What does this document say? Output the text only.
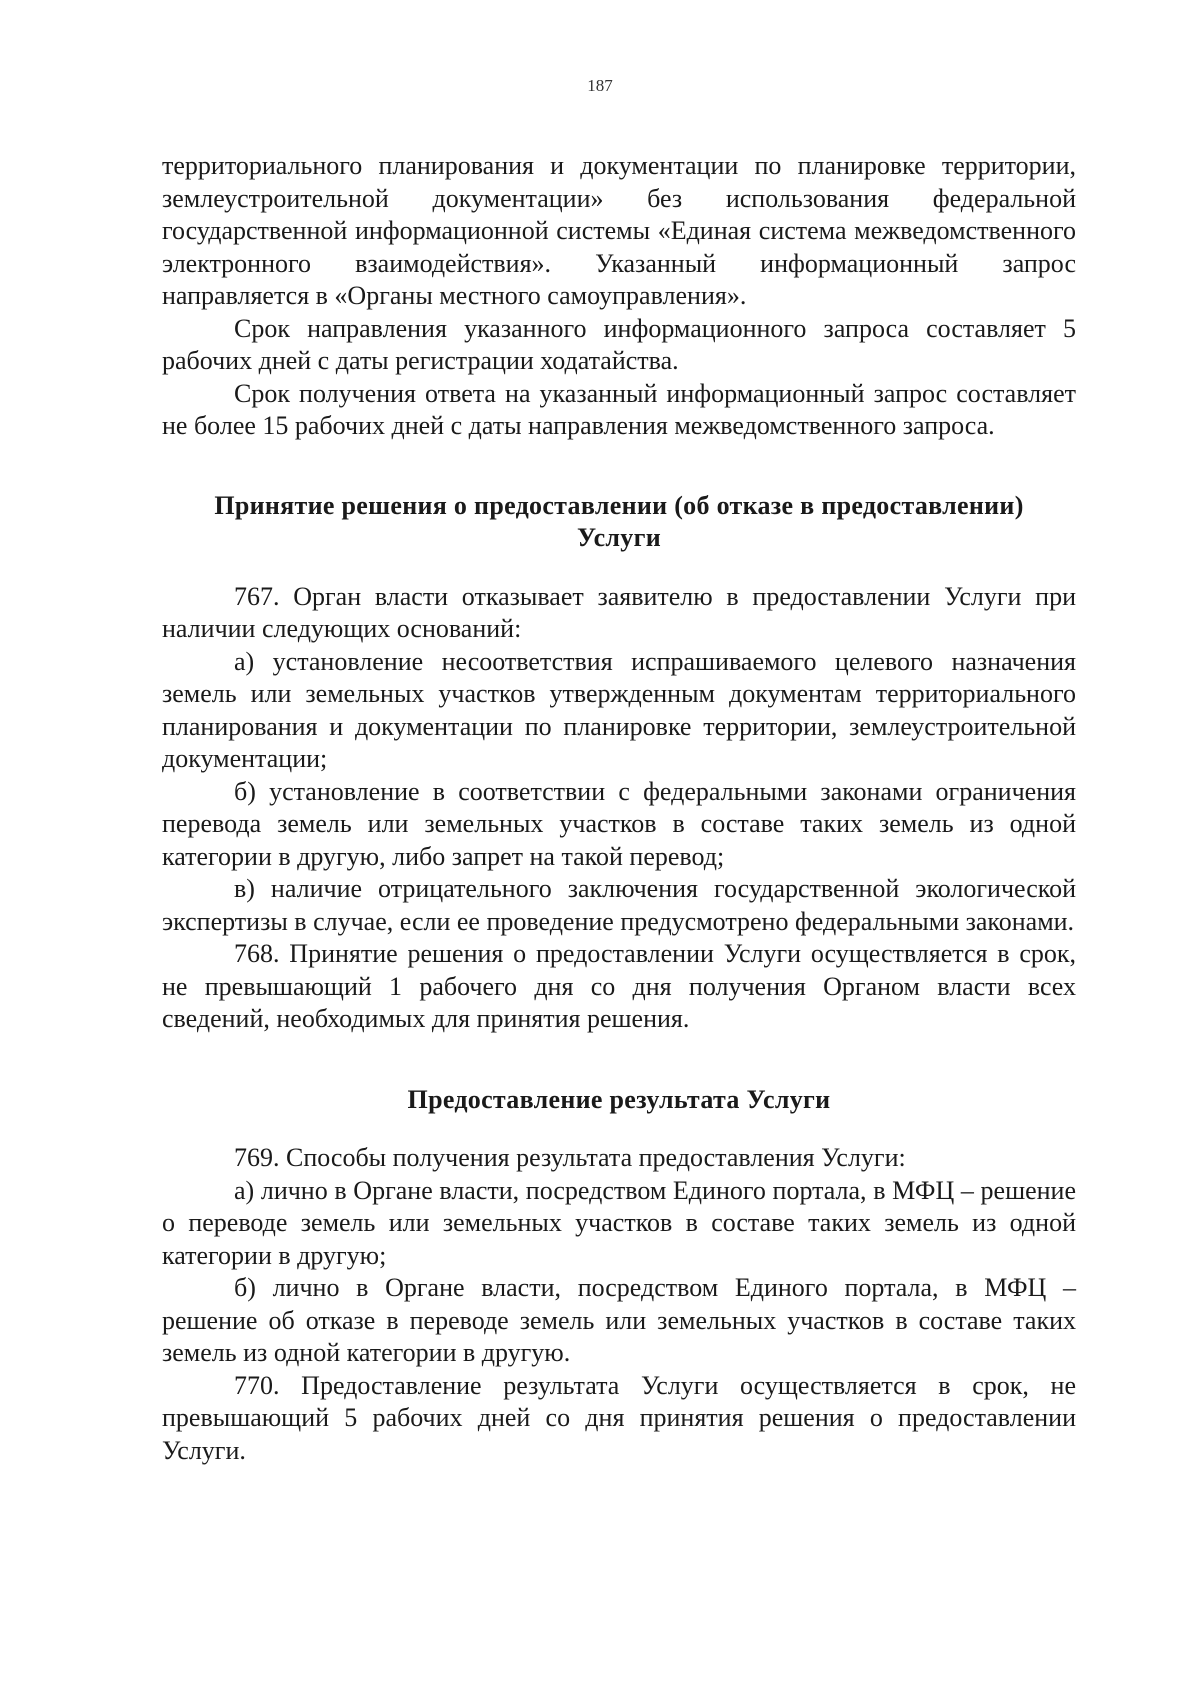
187

территориального планирования и документации по планировке территории, землеустроительной документации» без использования федеральной государственной информационной системы «Единая система межведомственного электронного взаимодействия». Указанный информационный запрос направляется в «Органы местного самоуправления».

Срок направления указанного информационного запроса составляет 5 рабочих дней с даты регистрации ходатайства.

Срок получения ответа на указанный информационный запрос составляет не более 15 рабочих дней с даты направления межведомственного запроса.

Принятие решения о предоставлении (об отказе в предоставлении)
Услуги

767. Орган власти отказывает заявителю в предоставлении Услуги при наличии следующих оснований:

а) установление несоответствия испрашиваемого целевого назначения земель или земельных участков утвержденным документам территориального планирования и документации по планировке территории, землеустроительной документации;

б) установление в соответствии с федеральными законами ограничения перевода земель или земельных участков в составе таких земель из одной категории в другую, либо запрет на такой перевод;

в) наличие отрицательного заключения государственной экологической экспертизы в случае, если ее проведение предусмотрено федеральными законами.

768. Принятие решения о предоставлении Услуги осуществляется в срок, не превышающий 1 рабочего дня со дня получения Органом власти всех сведений, необходимых для принятия решения.

Предоставление результата Услуги

769. Способы получения результата предоставления Услуги:

а) лично в Органе власти, посредством Единого портала, в МФЦ – решение о переводе земель или земельных участков в составе таких земель из одной категории в другую;

б) лично в Органе власти, посредством Единого портала, в МФЦ – решение об отказе в переводе земель или земельных участков в составе таких земель из одной категории в другую.

770. Предоставление результата Услуги осуществляется в срок, не превышающий 5 рабочих дней со дня принятия решения о предоставлении Услуги.
